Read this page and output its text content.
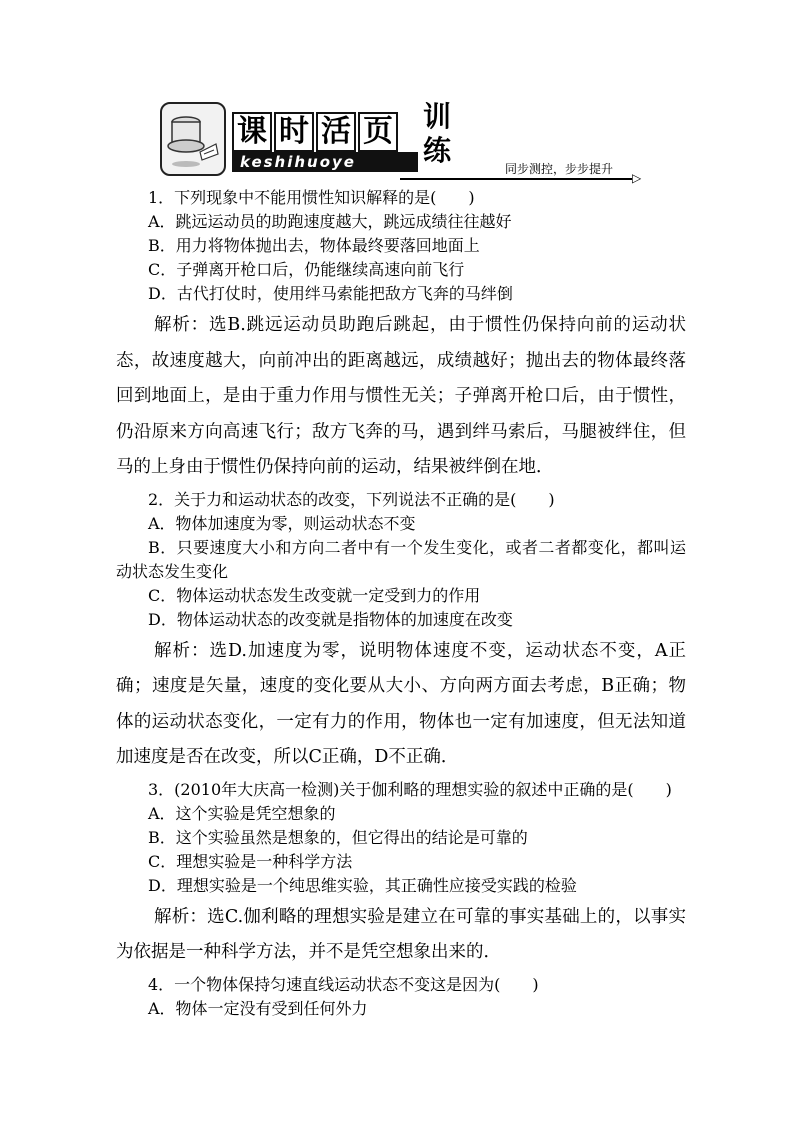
课 时 活 页
keshihuoye
训
练
同步测控，步步提升
▷

1．下列现象中不能用惯性知识解释的是(　　)

A．跳远运动员的助跑速度越大，跳远成绩往往越好

B．用力将物体抛出去，物体最终要落回地面上

C．子弹离开枪口后，仍能继续高速向前飞行

D．古代打仗时，使用绊马索能把敌方飞奔的马绊倒

解析：选B.跳远运动员助跑后跳起，由于惯性仍保持向前的运动状态，故速度越大，向前冲出的距离越远，成绩越好；抛出去的物体最终落回到地面上，是由于重力作用与惯性无关；子弹离开枪口后，由于惯性，仍沿原来方向高速飞行；敌方飞奔的马，遇到绊马索后，马腿被绊住，但马的上身由于惯性仍保持向前的运动，结果被绊倒在地．

2．关于力和运动状态的改变，下列说法不正确的是(　　)

A．物体加速度为零，则运动状态不变

B．只要速度大小和方向二者中有一个发生变化，或者二者都变化，都叫运动状态发生变化

C．物体运动状态发生改变就一定受到力的作用

D．物体运动状态的改变就是指物体的加速度在改变

解析：选D.加速度为零，说明物体速度不变，运动状态不变，A正确；速度是矢量，速度的变化要从大小、方向两方面去考虑，B正确；物体的运动状态变化，一定有力的作用，物体也一定有加速度，但无法知道加速度是否在改变，所以C正确，D不正确．

3．(2010年大庆高一检测)关于伽利略的理想实验的叙述中正确的是(　　)

A．这个实验是凭空想象的

B．这个实验虽然是想象的，但它得出的结论是可靠的

C．理想实验是一种科学方法

D．理想实验是一个纯思维实验，其正确性应接受实践的检验

解析：选C.伽利略的理想实验是建立在可靠的事实基础上的，以事实为依据是一种科学方法，并不是凭空想象出来的．

4．一个物体保持匀速直线运动状态不变这是因为(　　)

A．物体一定没有受到任何外力
